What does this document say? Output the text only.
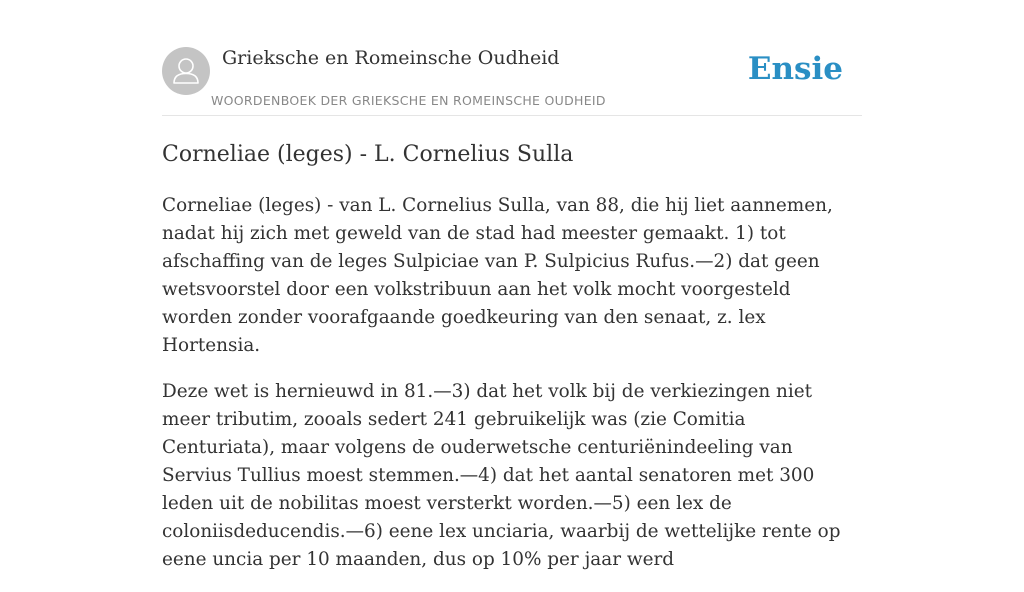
Grieksche en Romeinsche Oudheid
WOORDENBOEK DER GRIEKSCHE EN ROMEINSCHE OUDHEID
Ensie
Corneliae (leges) - L. Cornelius Sulla

Corneliae (leges) - van L. Cornelius Sulla, van 88, die hij liet aannemen, nadat hij zich met geweld van de stad had meester gemaakt. 1) tot afschaffing van de leges Sulpiciae van P. Sulpicius Rufus.—2) dat geen wetsvoorstel door een volkstribuun aan het volk mocht voorgesteld worden zonder voorafgaande goedkeuring van den senaat, z. lex Hortensia.

Deze wet is hernieuwd in 81.—3) dat het volk bij de verkiezingen niet meer tributim, zooals sedert 241 gebruikelijk was (zie Comitia Centuriata), maar volgens de ouderwetsche centuriënindeeling van Servius Tullius moest stemmen.—4) dat het aantal senatoren met 300 leden uit de nobilitas moest versterkt worden.—5) een lex de coloniisdeducendis.—6) eene lex unciaria, waarbij de wettelijke rente op eene uncia per 10 maanden, dus op 10% per jaar werd
